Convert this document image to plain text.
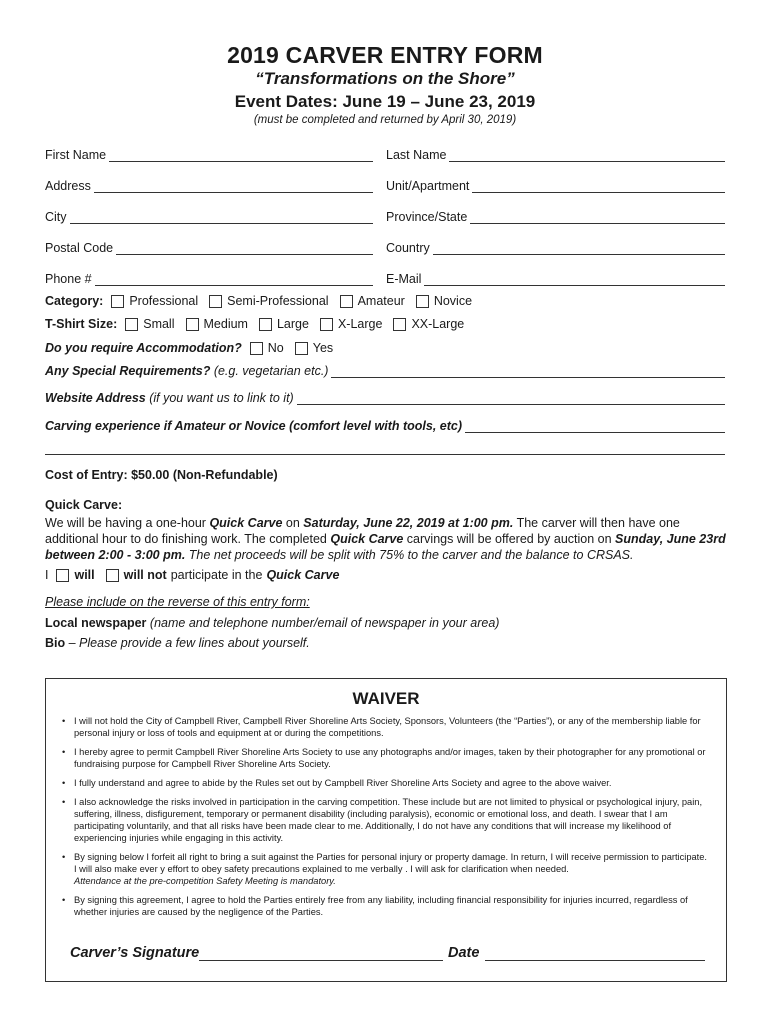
2019 CARVER ENTRY FORM
“Transformations on the Shore”
Event Dates: June 19 – June 23, 2019
(must be completed and returned by April 30, 2019)
First Name	Last Name
Address	Unit/Apartment
City	Province/State
Postal Code	Country
Phone #	E-Mail
Category: Professional Semi-Professional Amateur Novice
T-Shirt Size: Small Medium Large X-Large XX-Large
Do you require Accommodation? No Yes
Any Special Requirements? (e.g. vegetarian etc.)
Website Address (if you want us to link to it)
Carving experience if Amateur or Novice (comfort level with tools, etc)
Cost of Entry: $50.00 (Non-Refundable)
Quick Carve:
We will be having a one-hour Quick Carve on Saturday, June 22, 2019 at 1:00 pm. The carver will then have one additional hour to do finishing work. The completed Quick Carve carvings will be offered by auction on Sunday, June 23rd between 2:00 - 3:00 pm. The net proceeds will be split with 75% to the carver and the balance to CRSAS.
I will will not participate in the Quick Carve
Please include on the reverse of this entry form:
Local newspaper (name and telephone number/email of newspaper in your area)
Bio – Please provide a few lines about yourself.
WAIVER
• I will not hold the City of Campbell River, Campbell River Shoreline Arts Society, Sponsors, Volunteers (the “Parties”), or any of the membership liable for personal injury or loss of tools and equipment at or during the competitions.
• I hereby agree to permit Campbell River Shoreline Arts Society to use any photographs and/or images, taken by their photographer for any promotional or fundraising purpose for Campbell River Shoreline Arts Society.
• I fully understand and agree to abide by the Rules set out by Campbell River Shoreline Arts Society and agree to the above waiver.
• I also acknowledge the risks involved in participation in the carving competition. These include but are not limited to physical or psychological injury, pain, suffering, illness, disfigurement, temporary or permanent disability (including paralysis), economic or emotional loss, and death. I swear that I am participating voluntarily, and that all risks have been made clear to me. Additionally, I do not have any conditions that will increase my likelihood of experiencing injuries while engaging in this activity.
• By signing below I forfeit all right to bring a suit against the Parties for personal injury or property damage. In return, I will receive permission to participate. I will also make ever y effort to obey safety precautions explained to me verbally . I will ask for clarification when needed.
Attendance at the pre-competition Safety Meeting is mandatory.
• By signing this agreement, I agree to hold the Parties entirely free from any liability, including financial responsibility for injuries incurred, regardless of whether injuries are caused by the negligence of the Parties.
Carver’s Signature	Date
